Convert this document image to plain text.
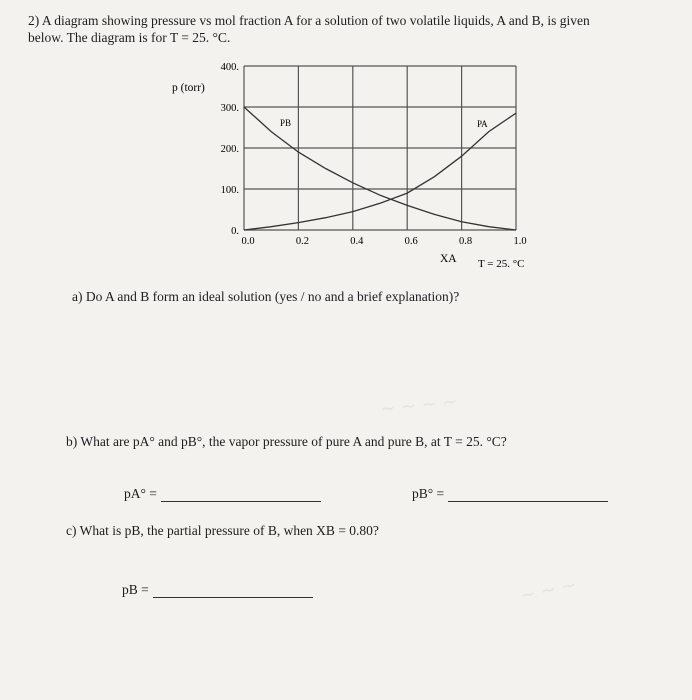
2) A diagram showing pressure vs mol fraction A for a solution of two volatile liquids, A and B, is given
below. The diagram is for T = 25. °C.
400.
300.
200.
100.
0.
0.0	0.2	0.4	0.6	0.8	1.0
p (torr)
XA T = 25. °C
PB	PA
a) Do A and B form an ideal solution (yes / no and a brief explanation)?
b) What are pA° and pB°, the vapor pressure of pure A and pure B, at T = 25. °C?
pA° =	pB° =
c) What is pB, the partial pressure of B, when XB = 0.80?
pB =
~ ~ ~ ~
~ ~ ~
